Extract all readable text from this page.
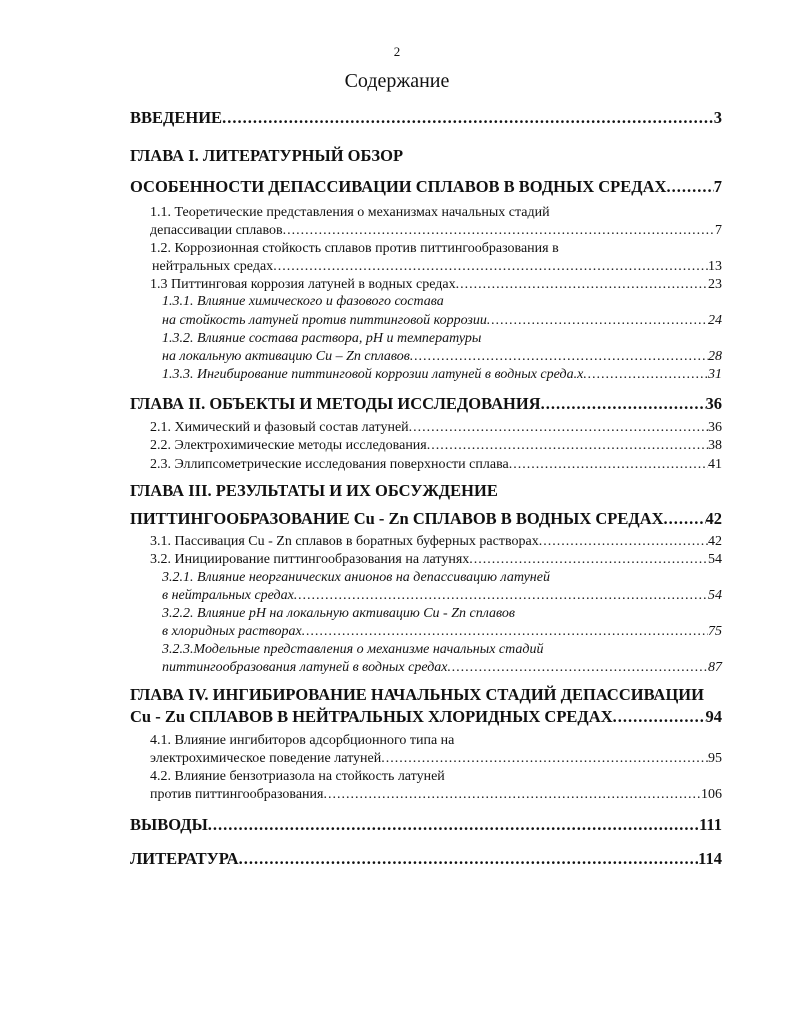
2
Содержание
ВВЕДЕНИЕ .....	3
ГЛАВА I. ЛИТЕРАТУРНЫЙ ОБЗОР
ОСОБЕННОСТИ ДЕПАССИВАЦИИ СПЛАВОВ В ВОДНЫХ СРЕДАХ .....	7
1.1. Теоретические представления о механизмах начальных стадий
депассивации сплавов .....	7
1.2. Коррозионная стойкость сплавов против питтингообразования в
нейтральных средах .....	13
1.3 Питтинговая коррозия латуней в водных средах .....	23
1.3.1. Влияние химического и фазового состава
на стойкость латуней против питтинговой коррозии .....	24
1.3.2. Влияние состава раствора, pH и температуры
на локальную активацию Cu – Zn сплавов .....	28
1.3.3. Ингибирование питтинговой коррозии латуней в водных среда.х .....	31
ГЛАВА II. ОБЪЕКТЫ И МЕТОДЫ ИССЛЕДОВАНИЯ .....	36
2.1. Химический и фазовый состав латуней .....	36
2.2. Электрохимические методы исследования .....	38
2.3. Эллипсометрические исследования поверхности сплава .....	41
ГЛАВА III. РЕЗУЛЬТАТЫ И ИХ ОБСУЖДЕНИЕ
ПИТТИНГООБРАЗОВАНИЕ Cu - Zn СПЛАВОВ В ВОДНЫХ СРЕДАХ .....	42
3.1. Пассивация Cu - Zn сплавов в боратных буферных растворах .....	42
3.2. Инициирование питтингообразования на латунях .....	54
3.2.1. Влияние неорганических анионов на депассивацию латуней
в нейтральных средах .....	54
3.2.2. Влияние pH на локальную активацию Cu - Zn сплавов
в хлоридных растворах .....	75
3.2.3.Модельные представления о механизме начальных стадий
питтингообразования латуней в водных средах .....	87
ГЛАВА IV. ИНГИБИРОВАНИЕ НАЧАЛЬНЫХ СТАДИЙ ДЕПАССИВАЦИИ
Cu - Zu СПЛАВОВ В НЕЙТРАЛЬНЫХ ХЛОРИДНЫХ СРЕДАХ .....	94
4.1. Влияние ингибиторов адсорбционного типа на
электрохимическое поведение латуней .....	95
4.2. Влияние бензотриазола на стойкость латуней
против питтингообразования .....	106
ВЫВОДЫ .....	111
ЛИТЕРАТУРА .....	114
